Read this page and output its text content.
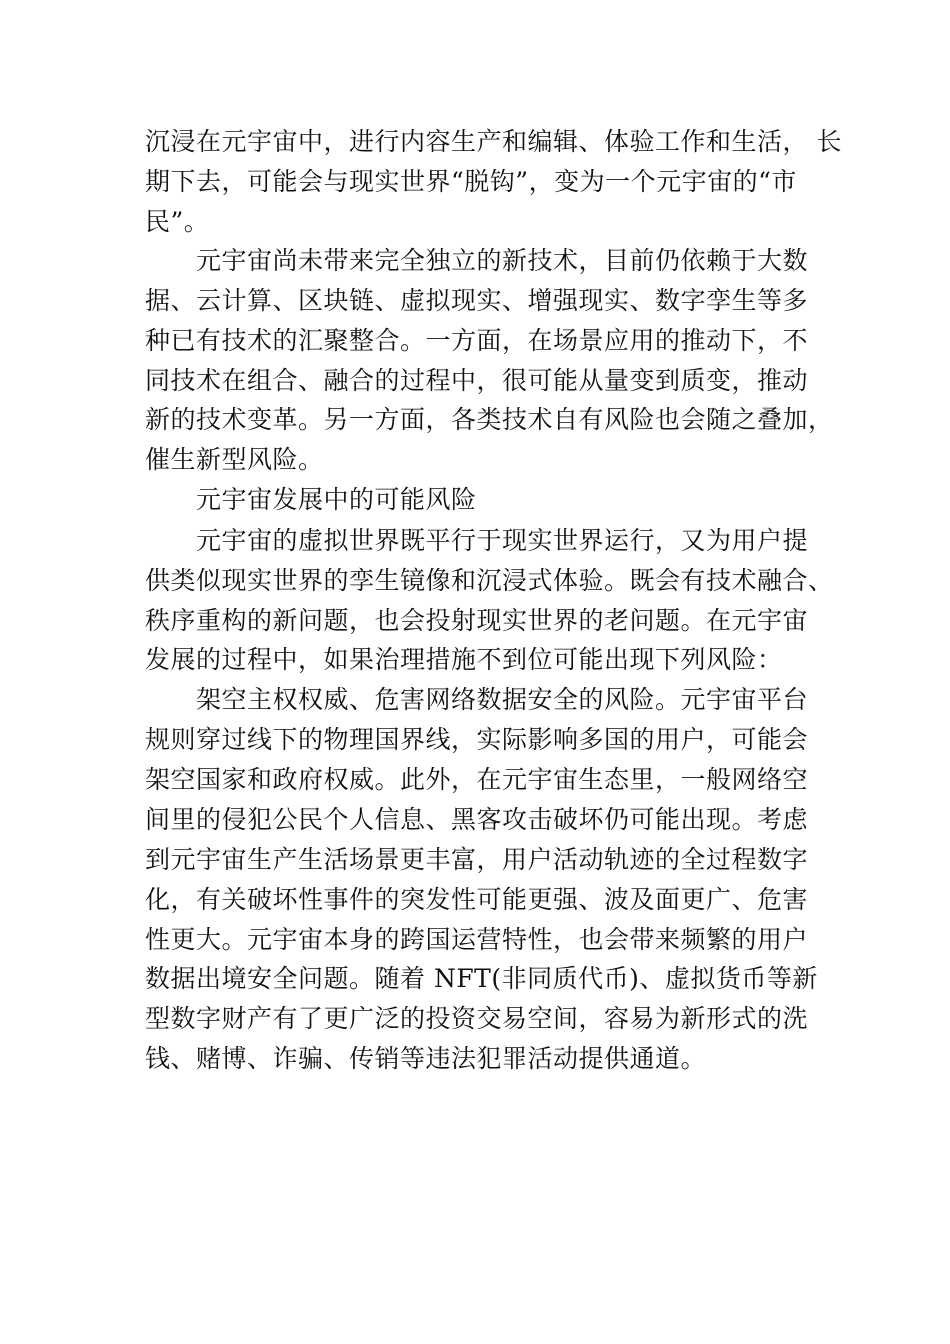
沉浸在元宇宙中，进行内容生产和编辑、体验工作和生活， 长
期下去，可能会与现实世界“脱钩”，变为一个元宇宙的“市
民”。
元宇宙尚未带来完全独立的新技术，目前仍依赖于大数
据、云计算、区块链、虚拟现实、增强现实、数字孪生等多
种已有技术的汇聚整合。一方面，在场景应用的推动下，不
同技术在组合、融合的过程中，很可能从量变到质变，推动
新的技术变革。另一方面，各类技术自有风险也会随之叠加，
催生新型风险。
元宇宙发展中的可能风险
元宇宙的虚拟世界既平行于现实世界运行，又为用户提
供类似现实世界的孪生镜像和沉浸式体验。既会有技术融合、
秩序重构的新问题，也会投射现实世界的老问题。在元宇宙
发展的过程中，如果治理措施不到位可能出现下列风险：
架空主权权威、危害网络数据安全的风险。元宇宙平台
规则穿过线下的物理国界线，实际影响多国的用户，可能会
架空国家和政府权威。此外，在元宇宙生态里，一般网络空
间里的侵犯公民个人信息、黑客攻击破坏仍可能出现。考虑
到元宇宙生产生活场景更丰富，用户活动轨迹的全过程数字
化，有关破坏性事件的突发性可能更强、波及面更广、危害
性更大。元宇宙本身的跨国运营特性，也会带来频繁的用户
数据出境安全问题。随着 NFT(非同质代币)、虚拟货币等新
型数字财产有了更广泛的投资交易空间，容易为新形式的洗
钱、赌博、诈骗、传销等违法犯罪活动提供通道。
